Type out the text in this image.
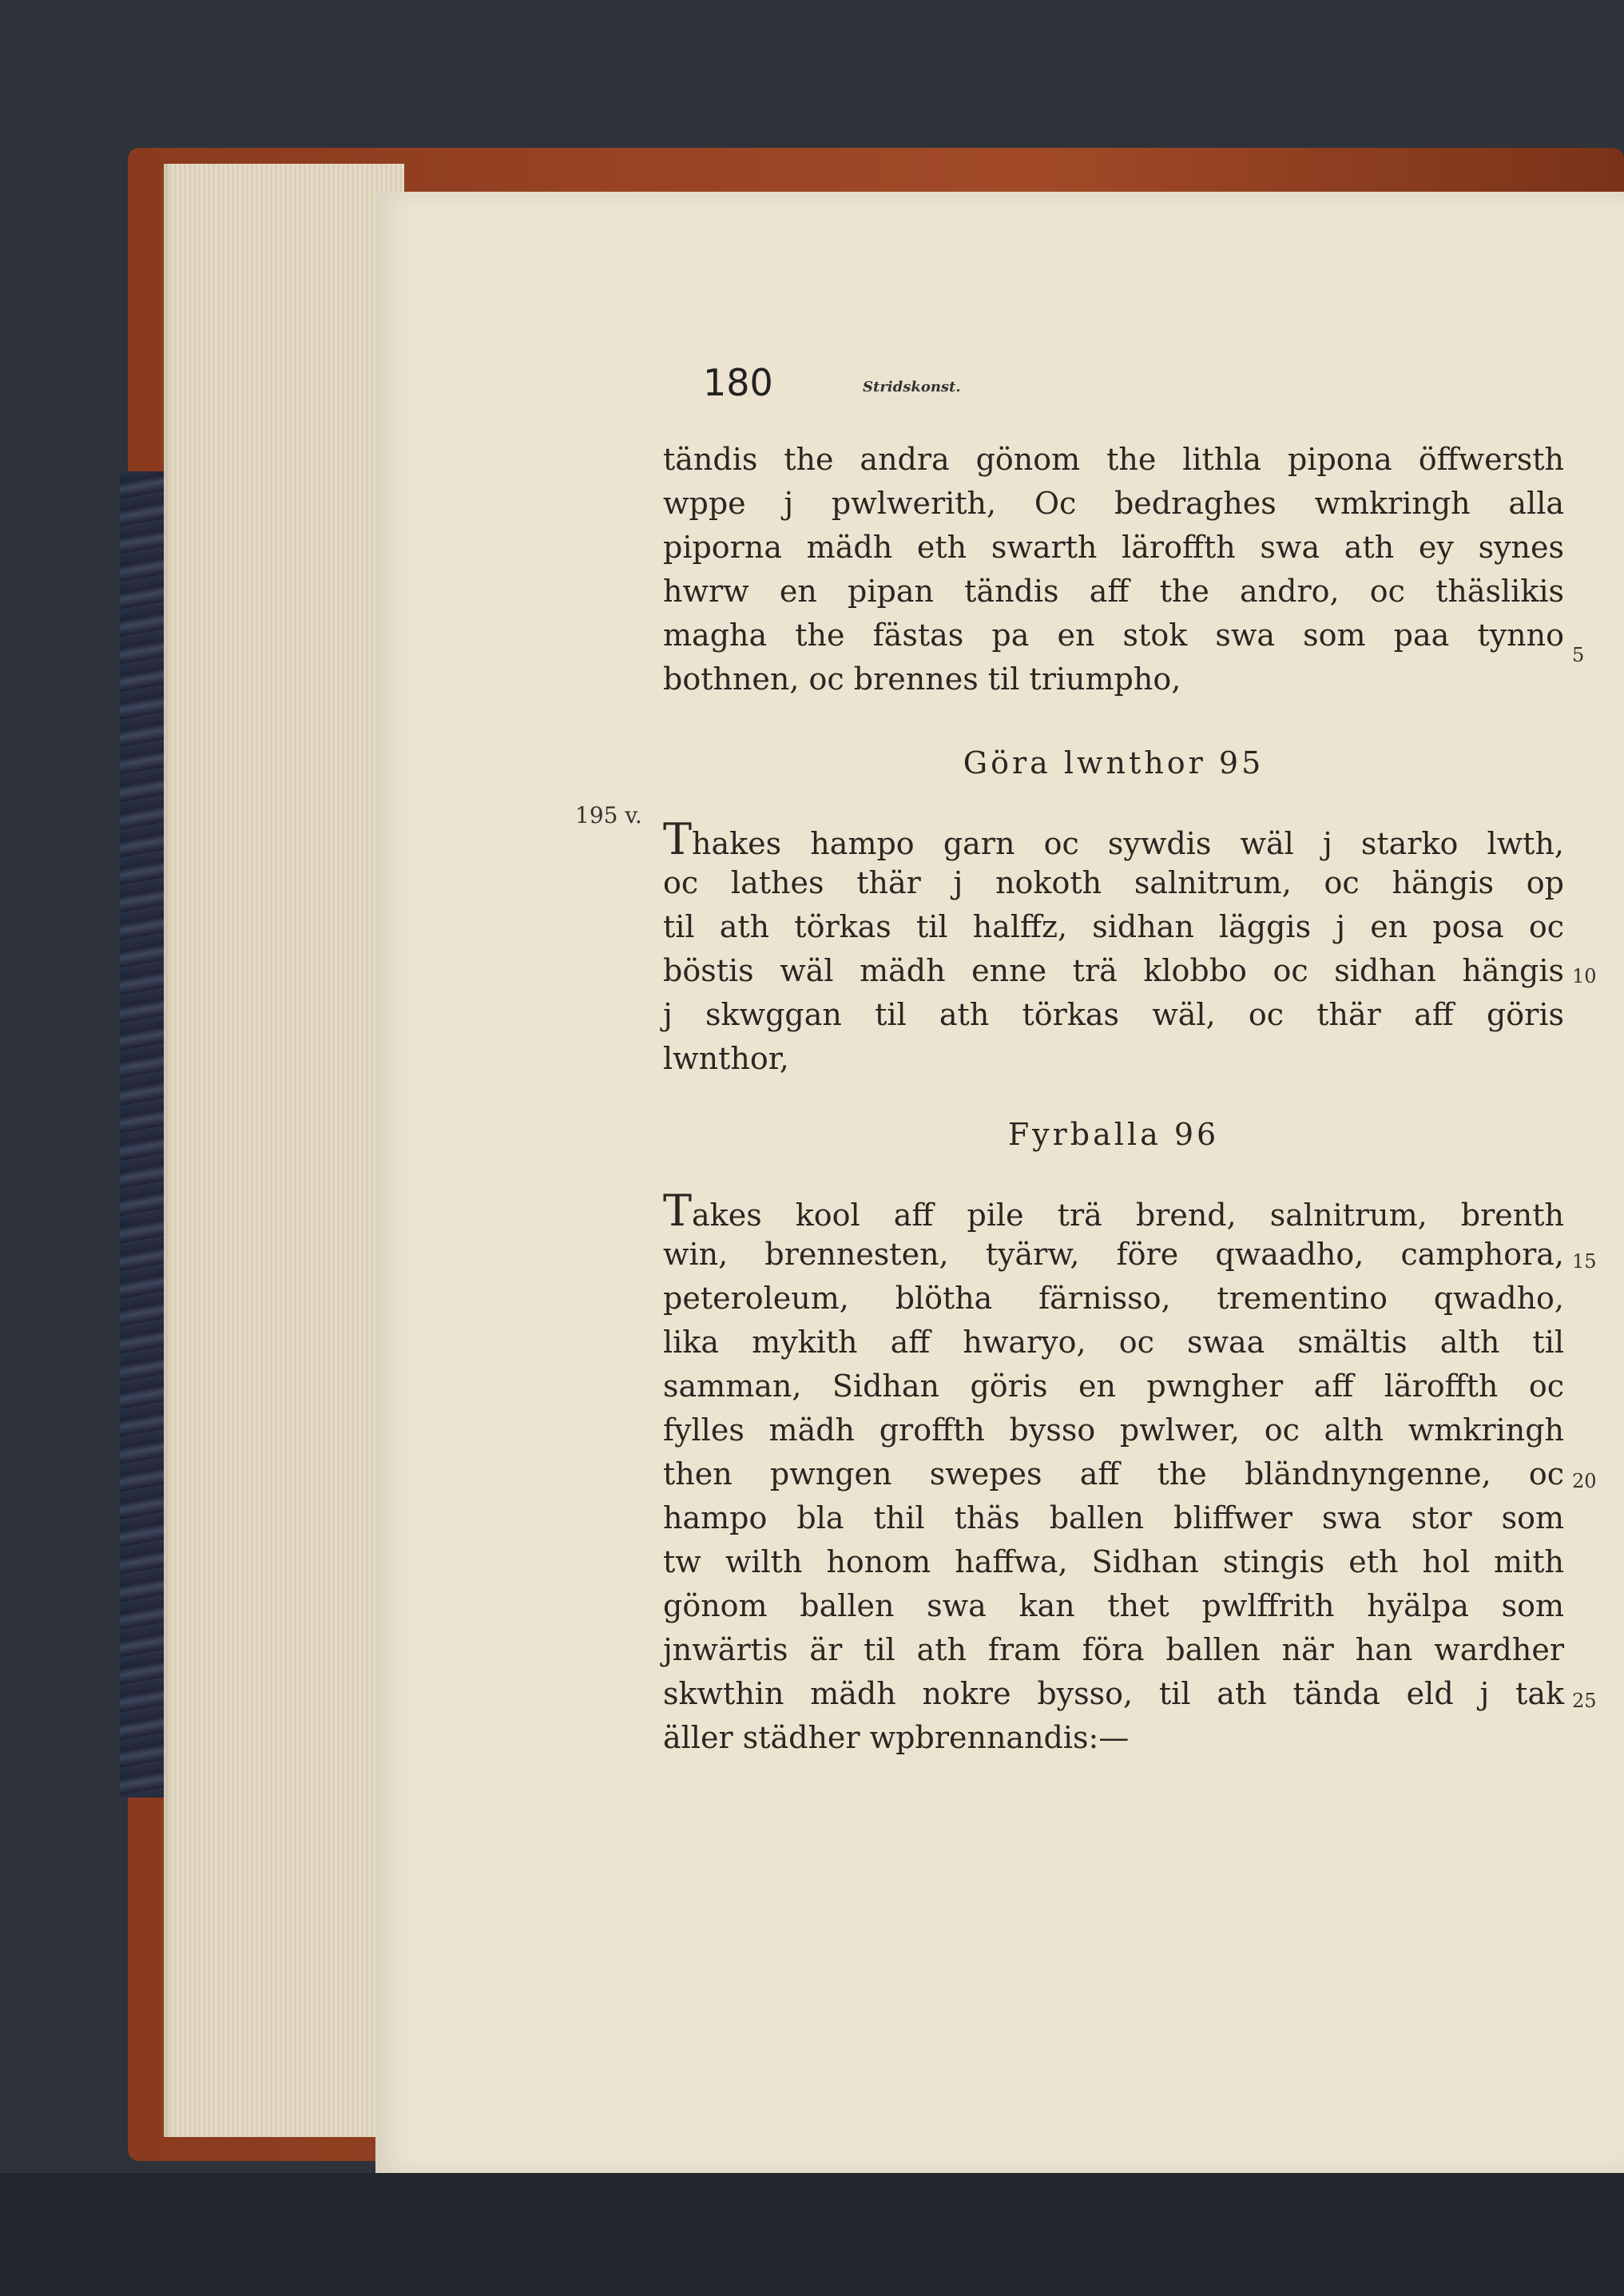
180	Stridskonst.
195 v.
tändis the andra gönom the lithla pipona öffwersth
wppe j pwlwerith, Oc bedraghes wmkringh alla
piporna mädh eth swarth läroffth swa ath ey synes
hwrw en pipan tändis aff the andro, oc thäslikis
magha the fästas pa en stok swa som paa tynno
bothnen, oc brennes til triumpho,
Göra lwnthor 95
Thakes hampo garn oc sywdis wäl j starko lwth,
oc lathes thär j nokoth salnitrum, oc hängis op
til ath törkas til halffz, sidhan läggis j en posa oc
böstis wäl mädh enne trä klobbo oc sidhan hängis
j skwggan til ath törkas wäl, oc thär aff göris
lwnthor,
Fyrballa 96
Takes kool aff pile trä brend, salnitrum, brenth
win, brennesten, tyärw, före qwaadho, camphora,
peteroleum, blötha färnisso, trementino qwadho,
lika mykith aff hwaryo, oc swaa smältis alth til
samman, Sidhan göris en pwngher aff läroffth oc
fylles mädh groffth bysso pwlwer, oc alth wmkringh
then pwngen swepes aff the bländnyngenne, oc
hampo bla thil thäs ballen bliffwer swa stor som
tw wilth honom haffwa, Sidhan stingis eth hol mith
gönom ballen swa kan thet pwlffrith hyälpa som
jnwärtis är til ath fram föra ballen när han wardher
skwthin mädh nokre bysso, til ath tända eld j tak
äller städher wpbrennandis:—
5
10
15
20
25
